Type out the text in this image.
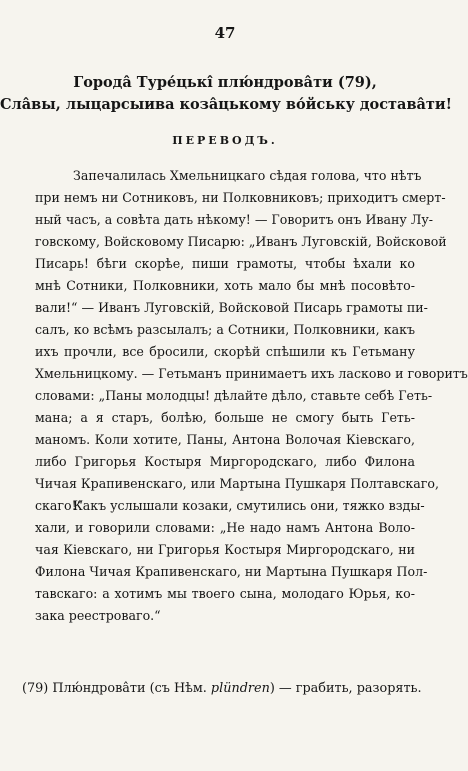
47
Города̂ Туре́цькі̂ плю́ндрова̂ти (79),
Сла̂вы, лыцарсыива коза̂цькому во́йську достава̂ти!
ПЕРЕВОДЪ.
Запечалилась Хмельницкаго сѣдая голова, что нѣтъ
при немъ ни Сотниковъ, ни Полковниковъ; приходитъ смерт-
ный часъ, а совѣта дать нѣкому! — Говоритъ онъ Ивану Лу-
говскому, Войсковому Писарю: „Иванъ Луговскій, Войсковой
Писарь! бѣги скорѣе, пиши грамоты, чтобы ѣхали ко
мнѣ Сотники, Полковники, хоть мало бы мнѣ посовѣто-
вали!“ — Иванъ Луговскій, Войсковой Писарь грамоты пи-
салъ, ко всѣмъ разсылалъ; а Сотники, Полковники, какъ
ихъ прочли, все бросили, скорѣй спѣшили къ Гетьману
Хмельницкому. — Гетьманъ принимаетъ ихъ ласково и говоритъ
словами: „Паны молодцы! дѣлайте дѣло, ставьте себѣ Геть-
мана; а я старъ, болѣю, больше не смогу быть Геть-
маномъ. Коли хотите, Паны, Антона Волочая Кіевскаго,
либо Григорья Костыря Миргородскаго, либо Филона
Чичая Крапивенскаго, или Мартына Пушкаря Полтавскаго,
скаго!“
Какъ услышали козаки, смутились они, тяжко взды-
хали, и говорили словами: „Не надо намъ Антона Воло-
чая Кіевскаго, ни Григорья Костыря Миргородскаго, ни
Филона Чичая Крапивенскаго, ни Мартына Пушкаря Пол-
тавскаго: а хотимъ мы твоего сына, молодаго Юрья, ко-
зака реестроваго.“
(79) Плю́ндрова̂ти (съ Нѣм. plündren) — грабить, разорять.
